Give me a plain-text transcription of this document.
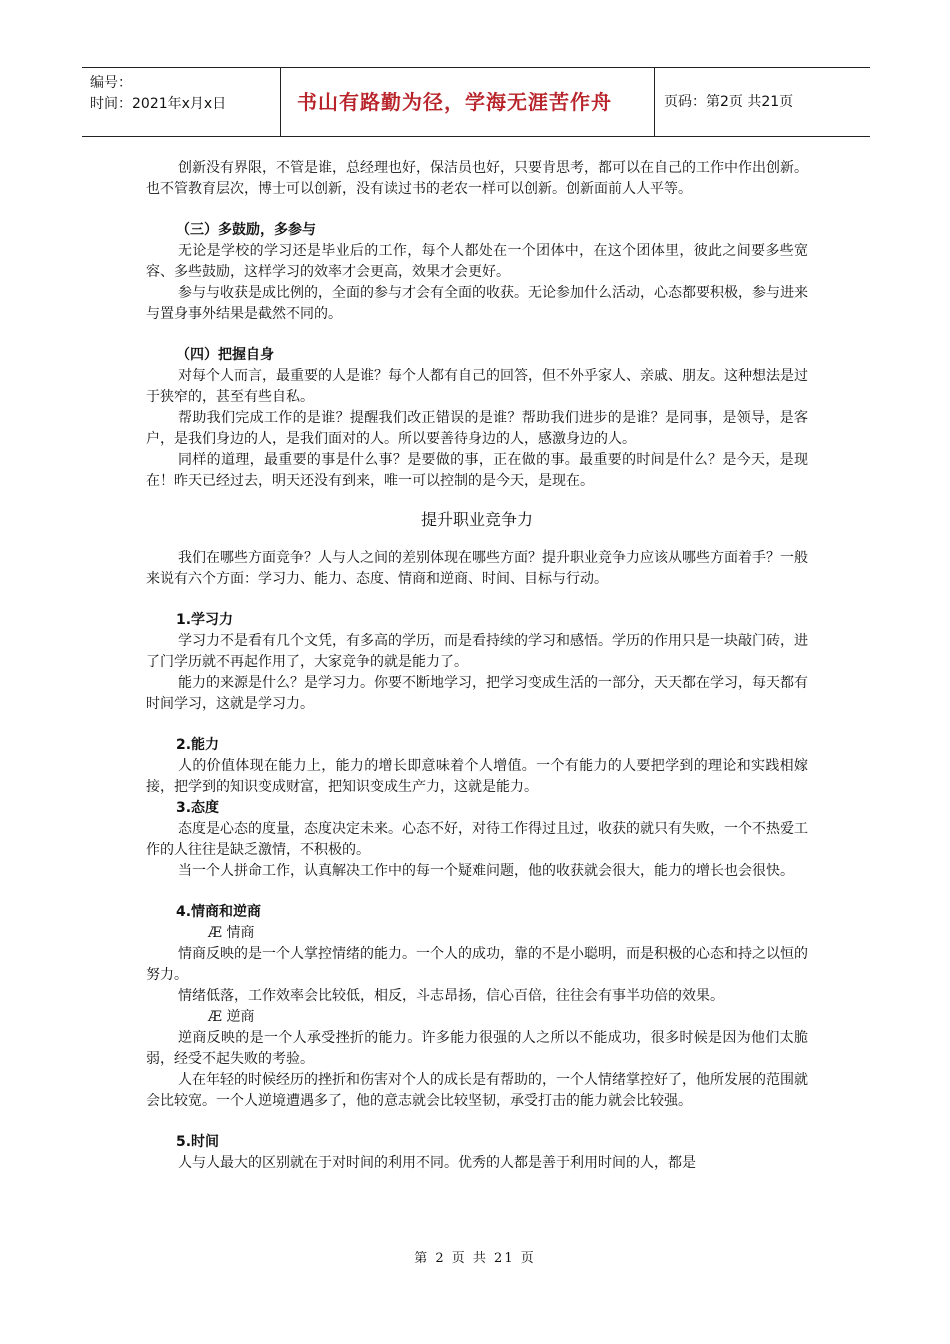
编号：
时间：2021年x月x日	书山有路勤为径，学海无涯苦作舟	页码：第2页 共21页

创新没有界限，不管是谁，总经理也好，保洁员也好，只要肯思考，都可以在自己的工作中作出创新。也不管教育层次，博士可以创新，没有读过书的老农一样可以创新。创新面前人人平等。

（三）多鼓励，多参与

无论是学校的学习还是毕业后的工作，每个人都处在一个团体中，在这个团体里，彼此之间要多些宽容、多些鼓励，这样学习的效率才会更高，效果才会更好。

参与与收获是成比例的，全面的参与才会有全面的收获。无论参加什么活动，心态都要积极，参与进来与置身事外结果是截然不同的。

（四）把握自身

对每个人而言，最重要的人是谁？每个人都有自己的回答，但不外乎家人、亲戚、朋友。这种想法是过于狭窄的，甚至有些自私。

帮助我们完成工作的是谁？提醒我们改正错误的是谁？帮助我们进步的是谁？是同事，是领导，是客户，是我们身边的人，是我们面对的人。所以要善待身边的人，感激身边的人。

同样的道理，最重要的事是什么事？是要做的事，正在做的事。最重要的时间是什么？是今天，是现在！昨天已经过去，明天还没有到来，唯一可以控制的是今天，是现在。

提升职业竞争力

我们在哪些方面竞争？人与人之间的差别体现在哪些方面？提升职业竞争力应该从哪些方面着手？一般来说有六个方面：学习力、能力、态度、情商和逆商、时间、目标与行动。

1.学习力

学习力不是看有几个文凭，有多高的学历，而是看持续的学习和感悟。学历的作用只是一块敲门砖，进了门学历就不再起作用了，大家竞争的就是能力了。

能力的来源是什么？是学习力。你要不断地学习，把学习变成生活的一部分，天天都在学习，每天都有时间学习，这就是学习力。

2.能力

人的价值体现在能力上，能力的增长即意味着个人增值。一个有能力的人要把学到的理论和实践相嫁接，把学到的知识变成财富，把知识变成生产力，这就是能力。

3.态度

态度是心态的度量，态度决定未来。心态不好，对待工作得过且过，收获的就只有失败，一个不热爱工作的人往往是缺乏激情，不积极的。

当一个人拼命工作，认真解决工作中的每一个疑难问题，他的收获就会很大，能力的增长也会很快。

4.情商和逆商

Æ 情商

情商反映的是一个人掌控情绪的能力。一个人的成功，靠的不是小聪明，而是积极的心态和持之以恒的努力。

情绪低落，工作效率会比较低，相反，斗志昂扬，信心百倍，往往会有事半功倍的效果。

Æ 逆商

逆商反映的是一个人承受挫折的能力。许多能力很强的人之所以不能成功，很多时候是因为他们太脆弱，经受不起失败的考验。

人在年轻的时候经历的挫折和伤害对个人的成长是有帮助的，一个人情绪掌控好了，他所发展的范围就会比较宽。一个人逆境遭遇多了，他的意志就会比较坚韧，承受打击的能力就会比较强。

5.时间

人与人最大的区别就在于对时间的利用不同。优秀的人都是善于利用时间的人，都是

第 2 页 共 21 页
